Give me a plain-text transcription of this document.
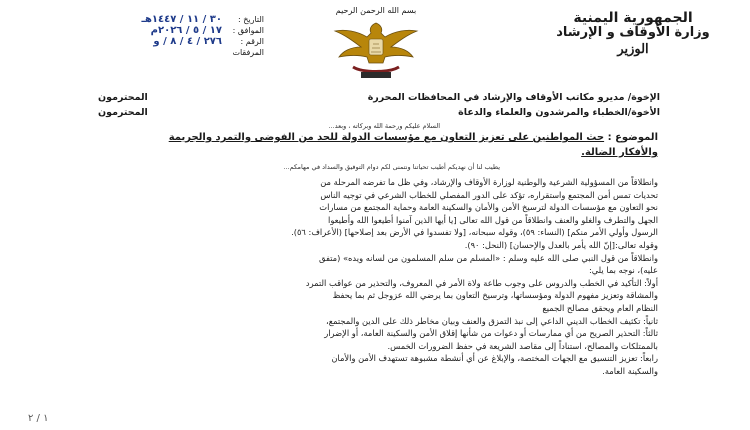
الجمهورية اليمنية
وزارة الأوقاف و الإرشاد
الوزير
بسم الله الرحمن الرحيم
التاريخ :
٣٠ / ١١ / ١٤٤٧هـ
الموافق :
١٧ / ٥ / ٢٠٢٦م
الرقم :
٢٧٦ / ٤ / ٨ / و
المرفقات
الإخوة/ مديرو مكاتب الأوقاف والإرشاد في المحافظات المحررة
المحترمون
الأخوة/الخطباء والمرشدون والعلماء والدعاة
المحترمون
السلام عليكم ورحمة الله وبركاته ، وبعد...
الموضوع : حث المواطنين على تعزيز التعاون مع مؤسسات الدولة للحد من الفوضى والتمرد والجريمة
والأفكار الضالة.
يطيب لنا أن نهديكم أطيب تحياتنا ونتمنى لكم دوام التوفيق والسداد في مهامكم...

وانطلاقاً من المسؤولية الشرعية والوطنية لوزارة الأوقاف والإرشاد، وفي ظل ما تفرضه المرحلة من

تحديات تمس أمن المجتمع واستقراره، تؤكد على الدور المفصلي للخطاب الشرعي في توجيه الناس

نحو التعاون مع مؤسسات الدولة لترسيخ الأمن والأمان والسكينة العامة وحماية المجتمع من مسارات

الجهل والتطرف والغلو والعنف وانطلاقاً من قول الله تعالى [يا أيها الذين آمنوا أطيعوا الله وأطيعوا

الرسول وأولي الأمر منكم] (النساء: ٥٩)، وقوله سبحانه، [ولا تفسدوا في الأرض بعد إصلاحها] (الأعراف: ٥٦).

وقوله تعالى:[إنّ الله يأمر بالعدل والإحسان] (النحل: ٩٠).

وانطلاقاً من قول النبي صلى الله عليه وسلم : «المسلم من سلم المسلمون من لسانه ويده» (متفق

عليه)، نوجه بما يلي:

أولاً: التأكيد في الخطب والدروس على وجوب طاعة ولاة الأمر في المعروف، والتحذير من عواقب التمرد

والمشاقة وتعزيز مفهوم الدولة ومؤسساتها، وترسيخ التعاون بما يرضي الله عزوجل ثم بما يحفظ

النظام العام ويحقق مصالح الجميع

ثانياً: تكثيف الخطاب الديني الداعي إلى نبذ التمزق والعنف وبيان مخاطر ذلك على الدين والمجتمع،

ثالثاً: التحذير الصريح من أي ممارسات أو دعوات من شأنها إقلاق الأمن والسكينة العامة، أو الإضرار

بالممتلكات والمصالح، استناداً إلى مقاصد الشريعة في حفظ الضرورات الخمس.

رابعاً: تعزيز التنسيق مع الجهات المختصة، والإبلاغ عن أي أنشطة مشبوهة تستهدف الأمن والأمان

والسكينة العامة.

١ / ٢
